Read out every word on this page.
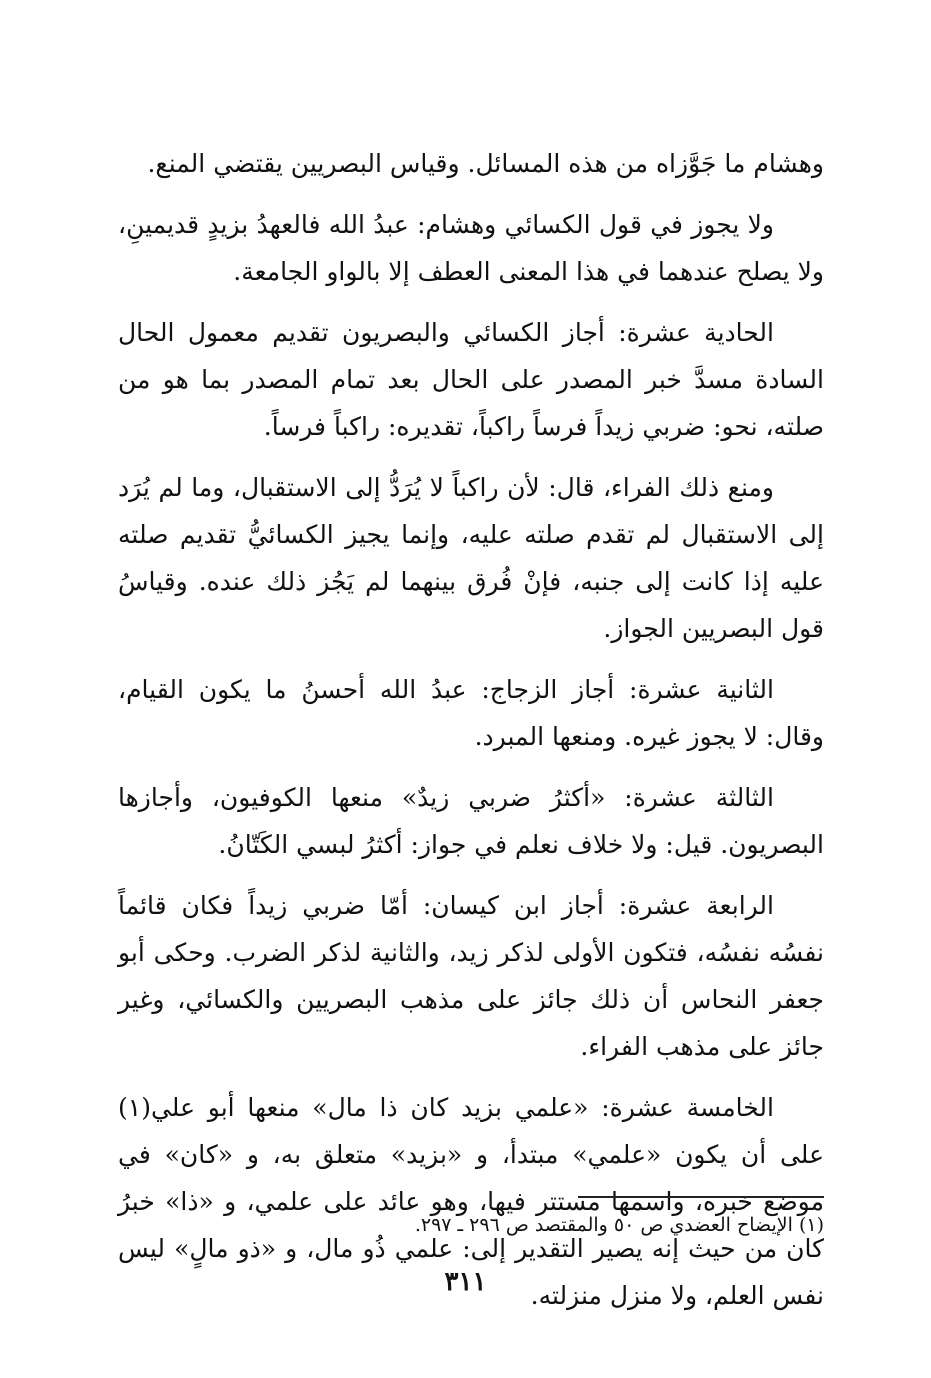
وهشام ما جَوَّزاه من هذه المسائل. وقياس البصريين يقتضي المنع.

ولا يجوز في قول الكسائي وهشام: عبدُ الله فالعهدُ بزيدٍ قديمينِ، ولا يصلح عندهما في هذا المعنى العطف إلا بالواو الجامعة.

الحادية عشرة: أجاز الكسائي والبصريون تقديم معمول الحال السادة مسدَّ خبر المصدر على الحال بعد تمام المصدر بما هو من صلته، نحو: ضربي زيداً فرساً راكباً، تقديره: راكباً فرساً.

ومنع ذلك الفراء، قال: لأن راكباً لا يُرَدُّ إلى الاستقبال، وما لم يُرَد إلى الاستقبال لم تقدم صلته عليه، وإنما يجيز الكسائيُّ تقديم صلته عليه إذا كانت إلى جنبه، فإنْ فُرق بينهما لم يَجُز ذلك عنده. وقياسُ قول البصريين الجواز.

الثانية عشرة: أجاز الزجاج: عبدُ الله أحسنُ ما يكون القيام، وقال: لا يجوز غيره. ومنعها المبرد.

الثالثة عشرة: «أكثرُ ضربي زيدٌ» منعها الكوفيون، وأجازها البصريون. قيل: ولا خلاف نعلم في جواز: أكثرُ لبسي الكَتّانُ.

الرابعة عشرة: أجاز ابن كيسان: أمّا ضربي زيداً فكان قائماً نفسُه نفسُه، فتكون الأولى لذكر زيد، والثانية لذكر الضرب. وحكى أبو جعفر النحاس أن ذلك جائز على مذهب البصريين والكسائي، وغير جائز على مذهب الفراء.

الخامسة عشرة: «علمي بزيد كان ذا مال» منعها أبو علي(١) على أن يكون «علمي» مبتدأ، و «بزيد» متعلق به، و «كان» في موضع خبره، واسمها مستتر فيها، وهو عائد على علمي، و «ذا» خبرُ كان من حيث إنه يصير التقدير إلى: علمي ذُو مال، و «ذو مالٍ» ليس نفس العلم، ولا منزل منزلته.

(١) الإيضاح العضدي ص ٥٠ والمقتصد ص ٢٩٦ ـ ٢٩٧.
٣١١
